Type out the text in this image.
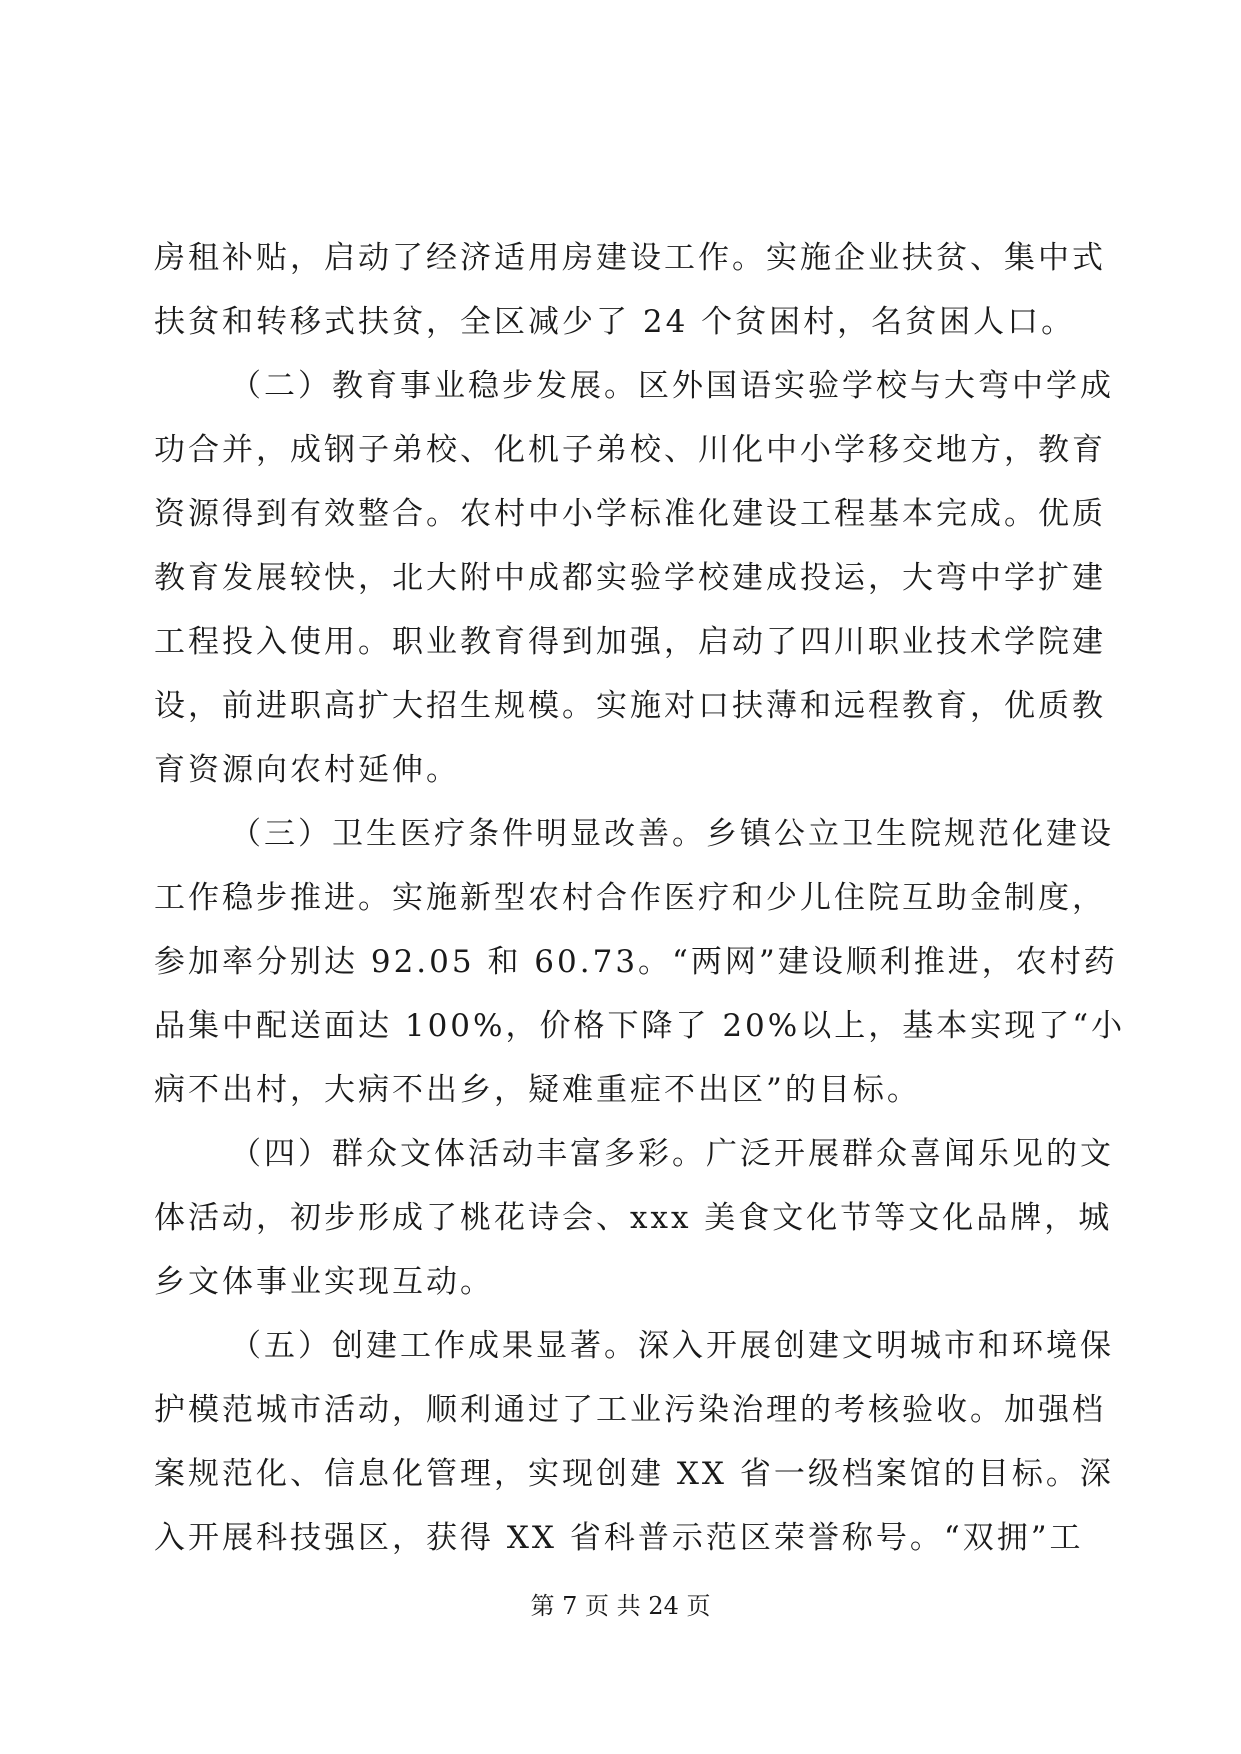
房租补贴，启动了经济适用房建设工作。实施企业扶贫、集中式
扶贫和转移式扶贫，全区减少了 24 个贫困村，名贫困人口。
（二）教育事业稳步发展。区外国语实验学校与大弯中学成
功合并，成钢子弟校、化机子弟校、川化中小学移交地方，教育
资源得到有效整合。农村中小学标准化建设工程基本完成。优质
教育发展较快，北大附中成都实验学校建成投运，大弯中学扩建
工程投入使用。职业教育得到加强，启动了四川职业技术学院建
设，前进职高扩大招生规模。实施对口扶薄和远程教育，优质教
育资源向农村延伸。
（三）卫生医疗条件明显改善。乡镇公立卫生院规范化建设
工作稳步推进。实施新型农村合作医疗和少儿住院互助金制度，
参加率分别达 92.05 和 60.73。“两网”建设顺利推进，农村药
品集中配送面达 100%，价格下降了 20%以上，基本实现了“小
病不出村，大病不出乡，疑难重症不出区”的目标。
（四）群众文体活动丰富多彩。广泛开展群众喜闻乐见的文
体活动，初步形成了桃花诗会、xxx 美食文化节等文化品牌，城
乡文体事业实现互动。
（五）创建工作成果显著。深入开展创建文明城市和环境保
护模范城市活动，顺利通过了工业污染治理的考核验收。加强档
案规范化、信息化管理，实现创建 XX 省一级档案馆的目标。深
入开展科技强区，获得 XX 省科普示范区荣誉称号。“双拥”工
第 7 页 共 24 页
